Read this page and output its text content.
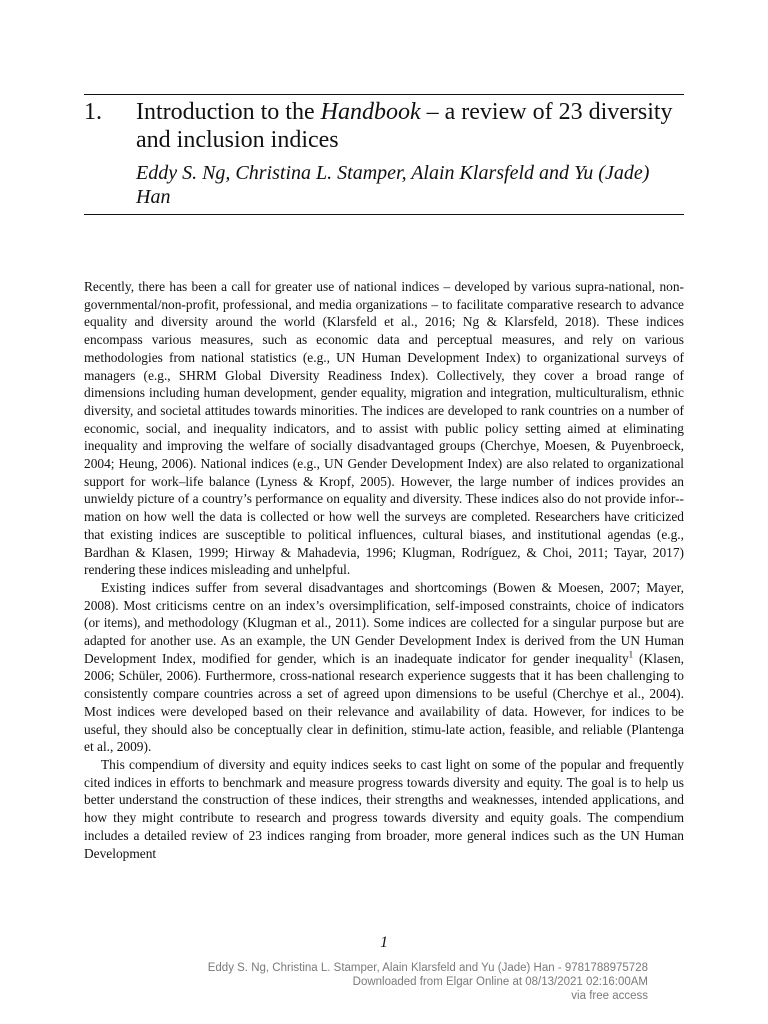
1. Introduction to the Handbook – a review of 23 diversity and inclusion indices
Eddy S. Ng, Christina L. Stamper, Alain Klarsfeld and Yu (Jade) Han

Recently, there has been a call for greater use of national indices – developed by various supra-national, non-governmental/non-profit, professional, and media organizations – to facilitate comparative research to advance equality and diversity around the world (Klarsfeld et al., 2016; Ng & Klarsfeld, 2018). These indices encompass various measures, such as economic data and perceptual measures, and rely on various methodologies from national statistics (e.g., UN Human Development Index) to organizational surveys of managers (e.g., SHRM Global Diversity Readiness Index). Collectively, they cover a broad range of dimensions including human development, gender equality, migration and integration, multiculturalism, ethnic diversity, and societal attitudes towards minorities. The indices are developed to rank countries on a number of economic, social, and inequality indicators, and to assist with public policy setting aimed at eliminating inequality and improving the welfare of socially disadvantaged groups (Cherchye, Moesen, & Puyenbroeck, 2004; Heung, 2006). National indices (e.g., UN Gender Development Index) are also related to organizational support for work–life balance (Lyness & Kropf, 2005). However, the large number of indices provides an unwieldy picture of a country’s performance on equality and diversity. These indices also do not provide infor-mation on how well the data is collected or how well the surveys are completed. Researchers have criticized that existing indices are susceptible to political influences, cultural biases, and institutional agendas (e.g., Bardhan & Klasen, 1999; Hirway & Mahadevia, 1996; Klugman, Rodríguez, & Choi, 2011; Tayar, 2017) rendering these indices misleading and unhelpful.

Existing indices suffer from several disadvantages and shortcomings (Bowen & Moesen, 2007; Mayer, 2008). Most criticisms centre on an index’s oversimplification, self-imposed constraints, choice of indicators (or items), and methodology (Klugman et al., 2011). Some indices are collected for a singular purpose but are adapted for another use. As an example, the UN Gender Development Index is derived from the UN Human Development Index, modified for gender, which is an inadequate indicator for gender inequality$^1$ (Klasen, 2006; Schüler, 2006). Furthermore, cross-national research experience suggests that it has been challenging to consistently compare countries across a set of agreed upon dimensions to be useful (Cherchye et al., 2004). Most indices were developed based on their relevance and availability of data. However, for indices to be useful, they should also be conceptually clear in definition, stimu-late action, feasible, and reliable (Plantenga et al., 2009).

This compendium of diversity and equity indices seeks to cast light on some of the popular and frequently cited indices in efforts to benchmark and measure progress towards diversity and equity. The goal is to help us better understand the construction of these indices, their strengths and weaknesses, intended applications, and how they might contribute to research and progress towards diversity and equity goals. The compendium includes a detailed review of 23 indices ranging from broader, more general indices such as the UN Human Development

1
Eddy S. Ng, Christina L. Stamper, Alain Klarsfeld and Yu (Jade) Han - 9781788975728
Downloaded from Elgar Online at 08/13/2021 02:16:00AM
via free access
